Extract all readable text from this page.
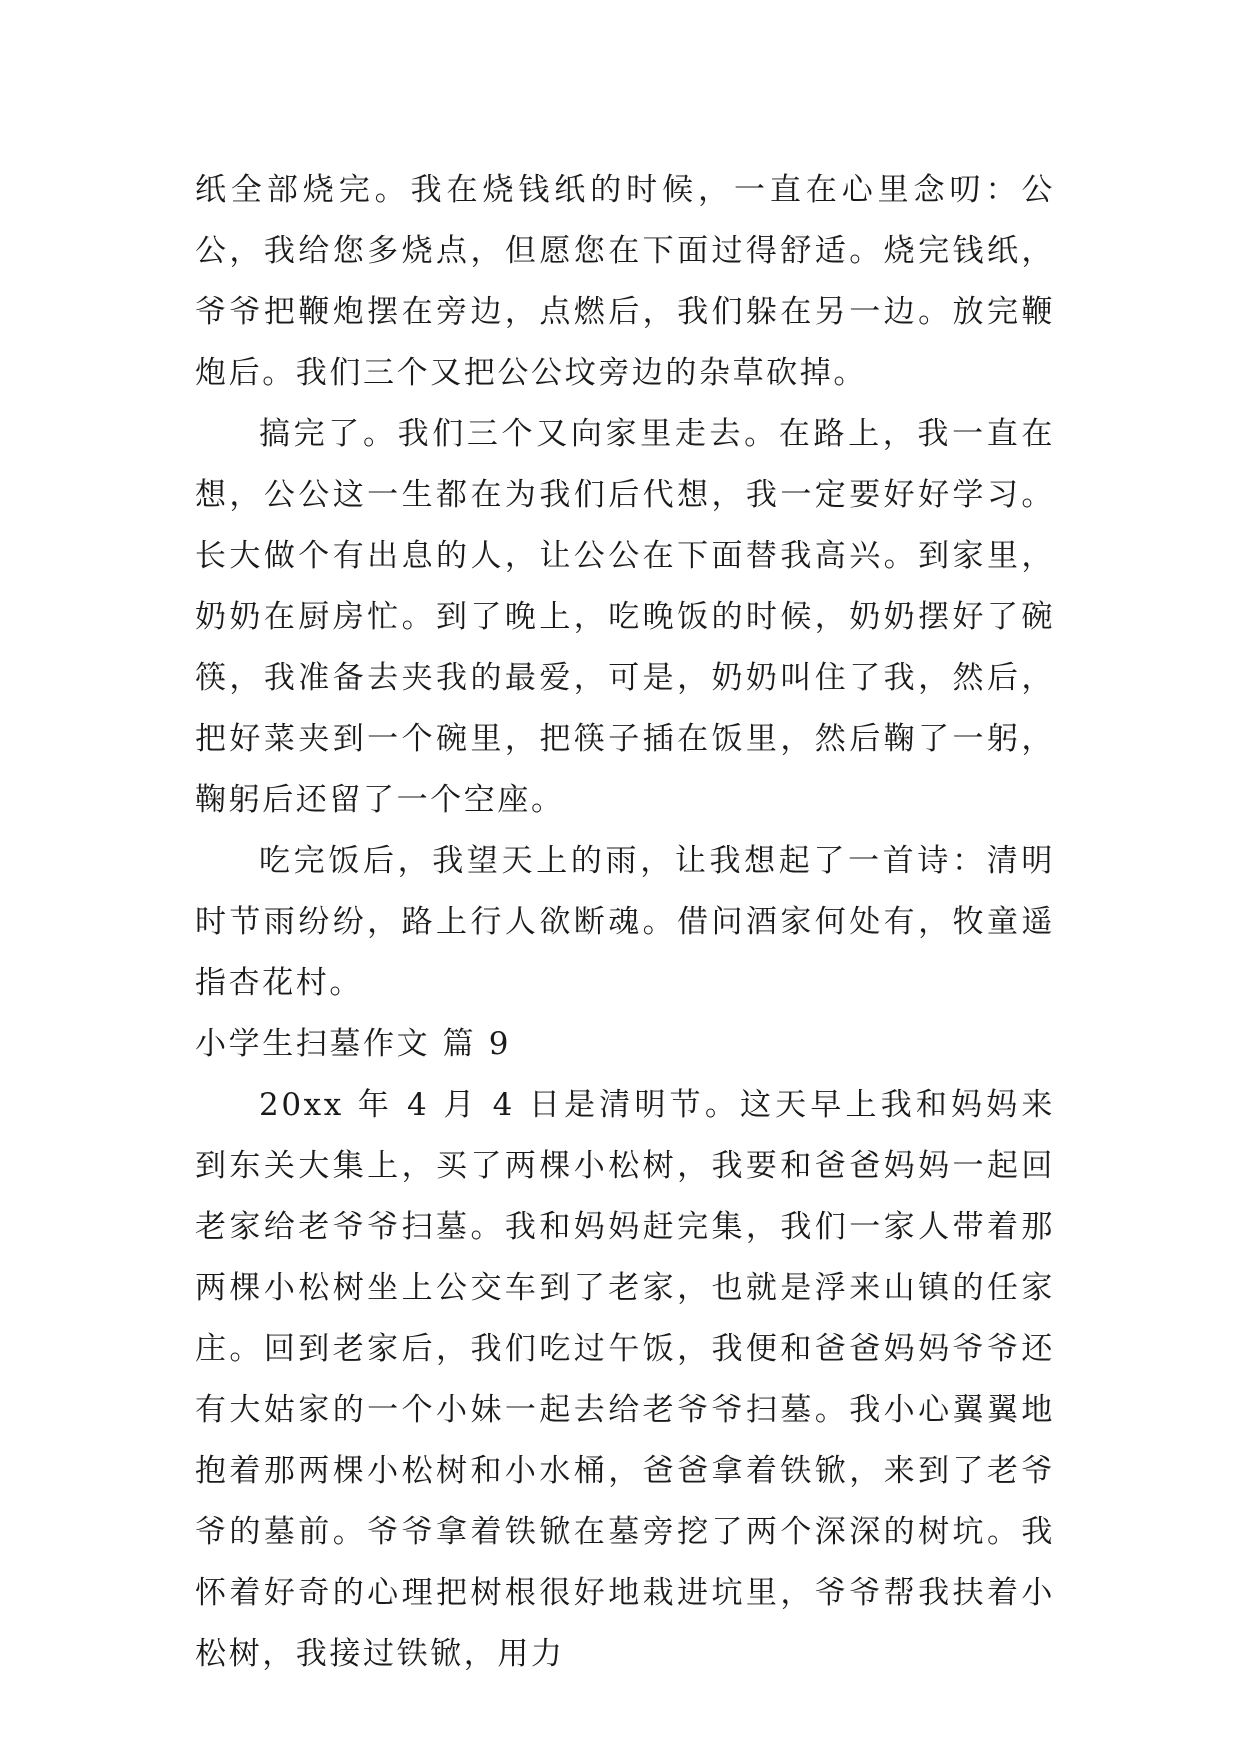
纸全部烧完。我在烧钱纸的时候，一直在心里念叨：公公，我给您多烧点，但愿您在下面过得舒适。烧完钱纸，爷爷把鞭炮摆在旁边，点燃后，我们躲在另一边。放完鞭炮后。我们三个又把公公坟旁边的杂草砍掉。

搞完了。我们三个又向家里走去。在路上，我一直在想，公公这一生都在为我们后代想，我一定要好好学习。长大做个有出息的人，让公公在下面替我高兴。到家里，奶奶在厨房忙。到了晚上，吃晚饭的时候，奶奶摆好了碗筷，我准备去夹我的最爱，可是，奶奶叫住了我，然后，把好菜夹到一个碗里，把筷子插在饭里，然后鞠了一躬，鞠躬后还留了一个空座。

吃完饭后，我望天上的雨，让我想起了一首诗：清明时节雨纷纷，路上行人欲断魂。借问酒家何处有，牧童遥指杏花村。

小学生扫墓作文 篇 9

20xx 年 4 月 4 日是清明节。这天早上我和妈妈来到东关大集上，买了两棵小松树，我要和爸爸妈妈一起回老家给老爷爷扫墓。我和妈妈赶完集，我们一家人带着那两棵小松树坐上公交车到了老家，也就是浮来山镇的任家庄。回到老家后，我们吃过午饭，我便和爸爸妈妈爷爷还有大姑家的一个小妹一起去给老爷爷扫墓。我小心翼翼地抱着那两棵小松树和小水桶，爸爸拿着铁锨，来到了老爷爷的墓前。爷爷拿着铁锨在墓旁挖了两个深深的树坑。我怀着好奇的心理把树根很好地栽进坑里，爷爷帮我扶着小松树，我接过铁锨，用力
